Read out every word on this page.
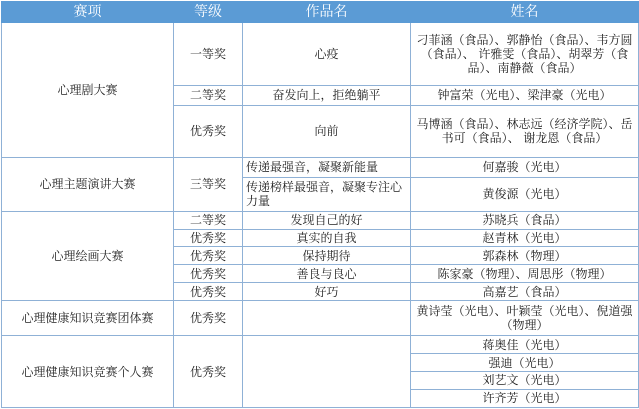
赛项	等级	作品名	姓名
心理剧大赛	一等奖	心疫	刁菲涵（食品）、郭静怡（食品）、韦方圆（食品）、 许雅雯（食品）、胡翠芳（食品）、南静薇（食品）
	二等奖	奋发向上，拒绝躺平	钟富荣（光电）、梁津豪（光电）
	优秀奖	向前	马博涵（食品）、林志远（经济学院）、岳书可（食品）、 谢龙恩（食品）
心理主题演讲大赛	三等奖	传递最强音，凝聚新能量	何嘉骏（光电）
		传递榜样最强音，凝聚专注心力量	黄俊源（光电）
心理绘画大赛	二等奖	发现自己的好	苏晓兵（食品）
	优秀奖	真实的自我	赵青林（光电）
	优秀奖	保持期待	郭森林（物理）
	优秀奖	善良与良心	陈家豪（物理）、周思彤（物理）
	优秀奖	好巧	高嘉艺（食品）
心理健康知识竞赛团体赛	优秀奖		黄诗莹（光电）、叶颖莹（光电）、倪道强（物理）
心理健康知识竞赛个人赛	优秀奖		蒋奥佳（光电）
			强迪（光电）
			刘艺文（光电）
			许齐芳（光电）
